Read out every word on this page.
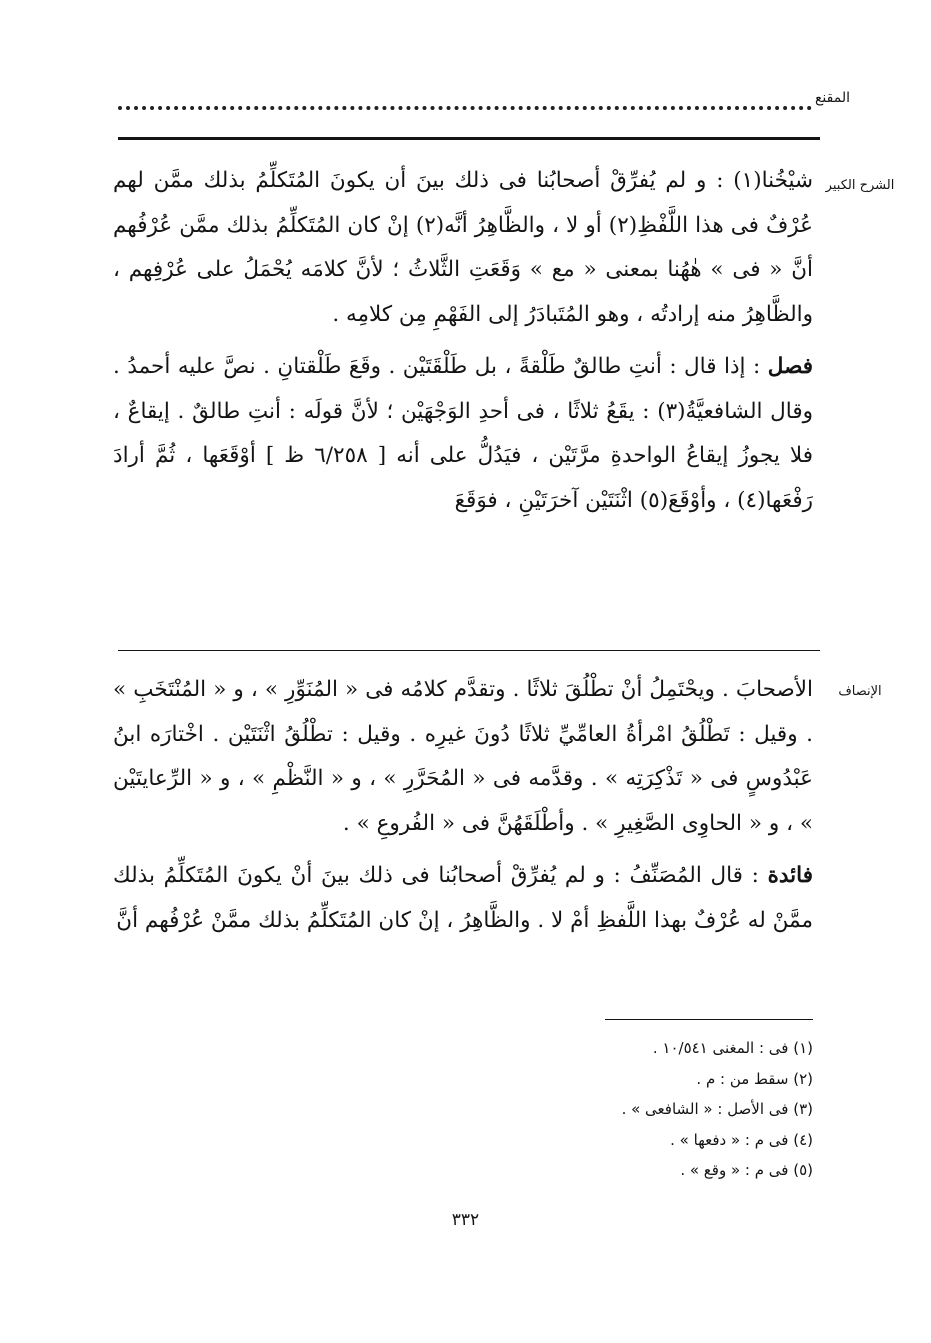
المقنع
الشرح الكبير

شيْخُنا(١) : و لم يُفرِّقْ أصحابُنا فى ذلك بينَ أن يكونَ المُتَكلِّمُ بذلك ممَّن لهم عُرْفٌ فى هذا اللَّفْظِ(٢) أو لا ، والظَّاهِرُ أنَّه(٢) إنْ كان المُتَكلِّمُ بذلك ممَّن عُرْفُهم أنَّ « فى » هٰهُنا بمعنى « مع » وَقَعَتِ الثَّلاثُ ؛ لأنَّ كلامَه يُحْمَلُ على عُرْفِهم ، والظَّاهِرُ منه إرادتُه ، وهو المُتَبادَرُ إلى الفَهْمِ مِن كلامِه .

فصل : إذا قال : أنتِ طالقٌ طَلْقةً ، بل طَلْقَتَيْن . وقَعَ طَلْقتانِ . نصَّ عليه أحمدُ . وقال الشافعيَّةُ(٣) : يقَعُ ثلاثًا ، فى أحدِ الوَجْهَيْن ؛ لأنَّ قولَه : أنتِ طالقٌ . إيقاعٌ ، فلا يجوزُ إيقاعُ الواحدةِ مرَّتَيْن ، فيَدُلُّ على أنه [ ٦/٢٥٨ ظ ] أوْقَعَها ، ثُمَّ أرادَ رَفْعَها(٤) ، وأوْقَعَ(٥) اثْنَتَيْن آخرَتَيْنِ ، فوَقَعَ

الإنصاف

الأصحابَ . ويحْتَمِلُ أنْ تطْلُقَ ثلاثًا . وتقدَّم كلامُه فى « المُنَوِّرِ » ، و « المُنْتَخَبِ » . وقيل : تَطْلُقُ امْرأةُ العامِّيِّ ثلاثًا دُونَ غيرِه . وقيل : تطْلُقُ اثْنَتَيْن . اخْتارَه ابنُ عَبْدُوسٍ فى « تَذْكِرَتِه » . وقدَّمه فى « المُحَرَّرِ » ، و « النَّظْمِ » ، و « الرِّعايتَيْن » ، و « الحاوِى الصَّغِيرِ » . وأطْلَقَهُنَّ فى « الفُروعِ » .

فائدة : قال المُصَنِّفُ : و لم يُفرِّقْ أصحابُنا فى ذلك بينَ أنْ يكونَ المُتَكلِّمُ بذلك ممَّنْ له عُرْفٌ بهذا اللَّفظِ أمْ لا . والظَّاهِرُ ، إنْ كان المُتَكلِّمُ بذلك ممَّنْ عُرْفُهم أنَّ

(١) فى : المغنى ١٠/٥٤١ .
(٢) سقط من : م .
(٣) فى الأصل : « الشافعى » .
(٤) فى م : « دفعها » .
(٥) فى م : « وقع » .
٣٣٢
